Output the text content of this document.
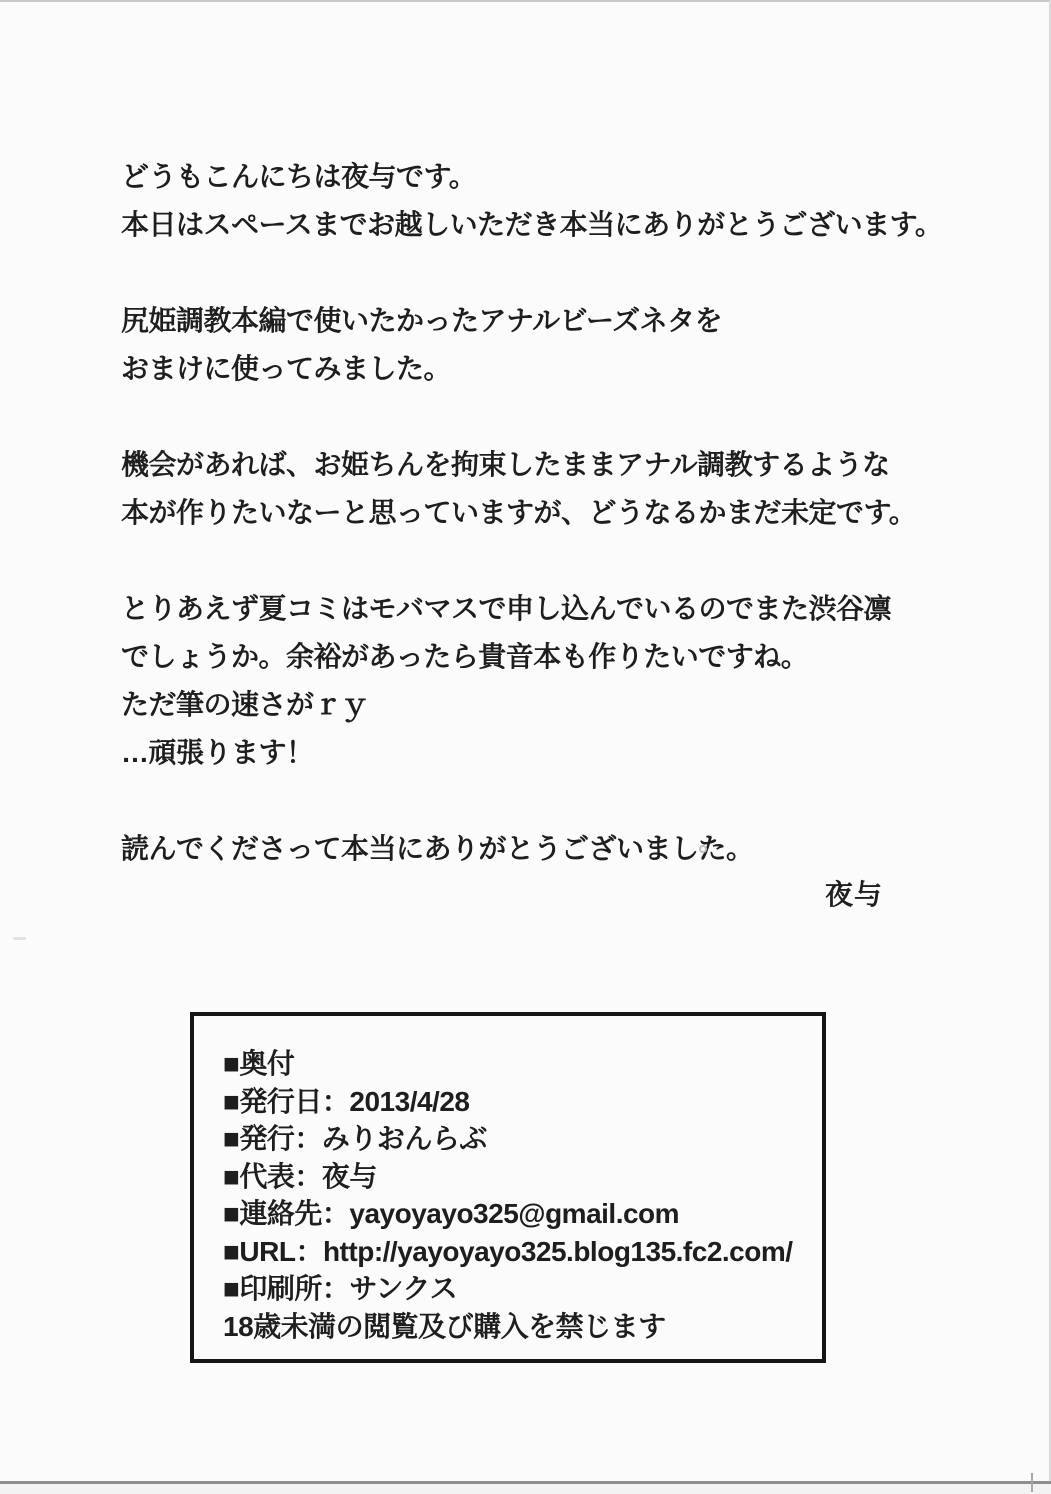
どうもこんにちは夜与です。
本日はスペースまでお越しいただき本当にありがとうございます。

尻姫調教本編で使いたかったアナルビーズネタを
おまけに使ってみました。

機会があれば、お姫ちんを拘束したままアナル調教するような
本が作りたいなーと思っていますが、どうなるかまだ未定です。

とりあえず夏コミはモバマスで申し込んでいるのでまた渋谷凛
でしょうか。余裕があったら貴音本も作りたいですね。
ただ筆の速さがｒｙ
…頑張ります！

読んでくださって本当にありがとうございました。

夜与
■奥付
■発行日：2013/4/28
■発行：みりおんらぶ
■代表：夜与
■連絡先：yayoyayo325@gmail.com
■URL：http://yayoyayo325.blog135.fc2.com/
■印刷所：サンクス
18歳未満の閲覧及び購入を禁じます
